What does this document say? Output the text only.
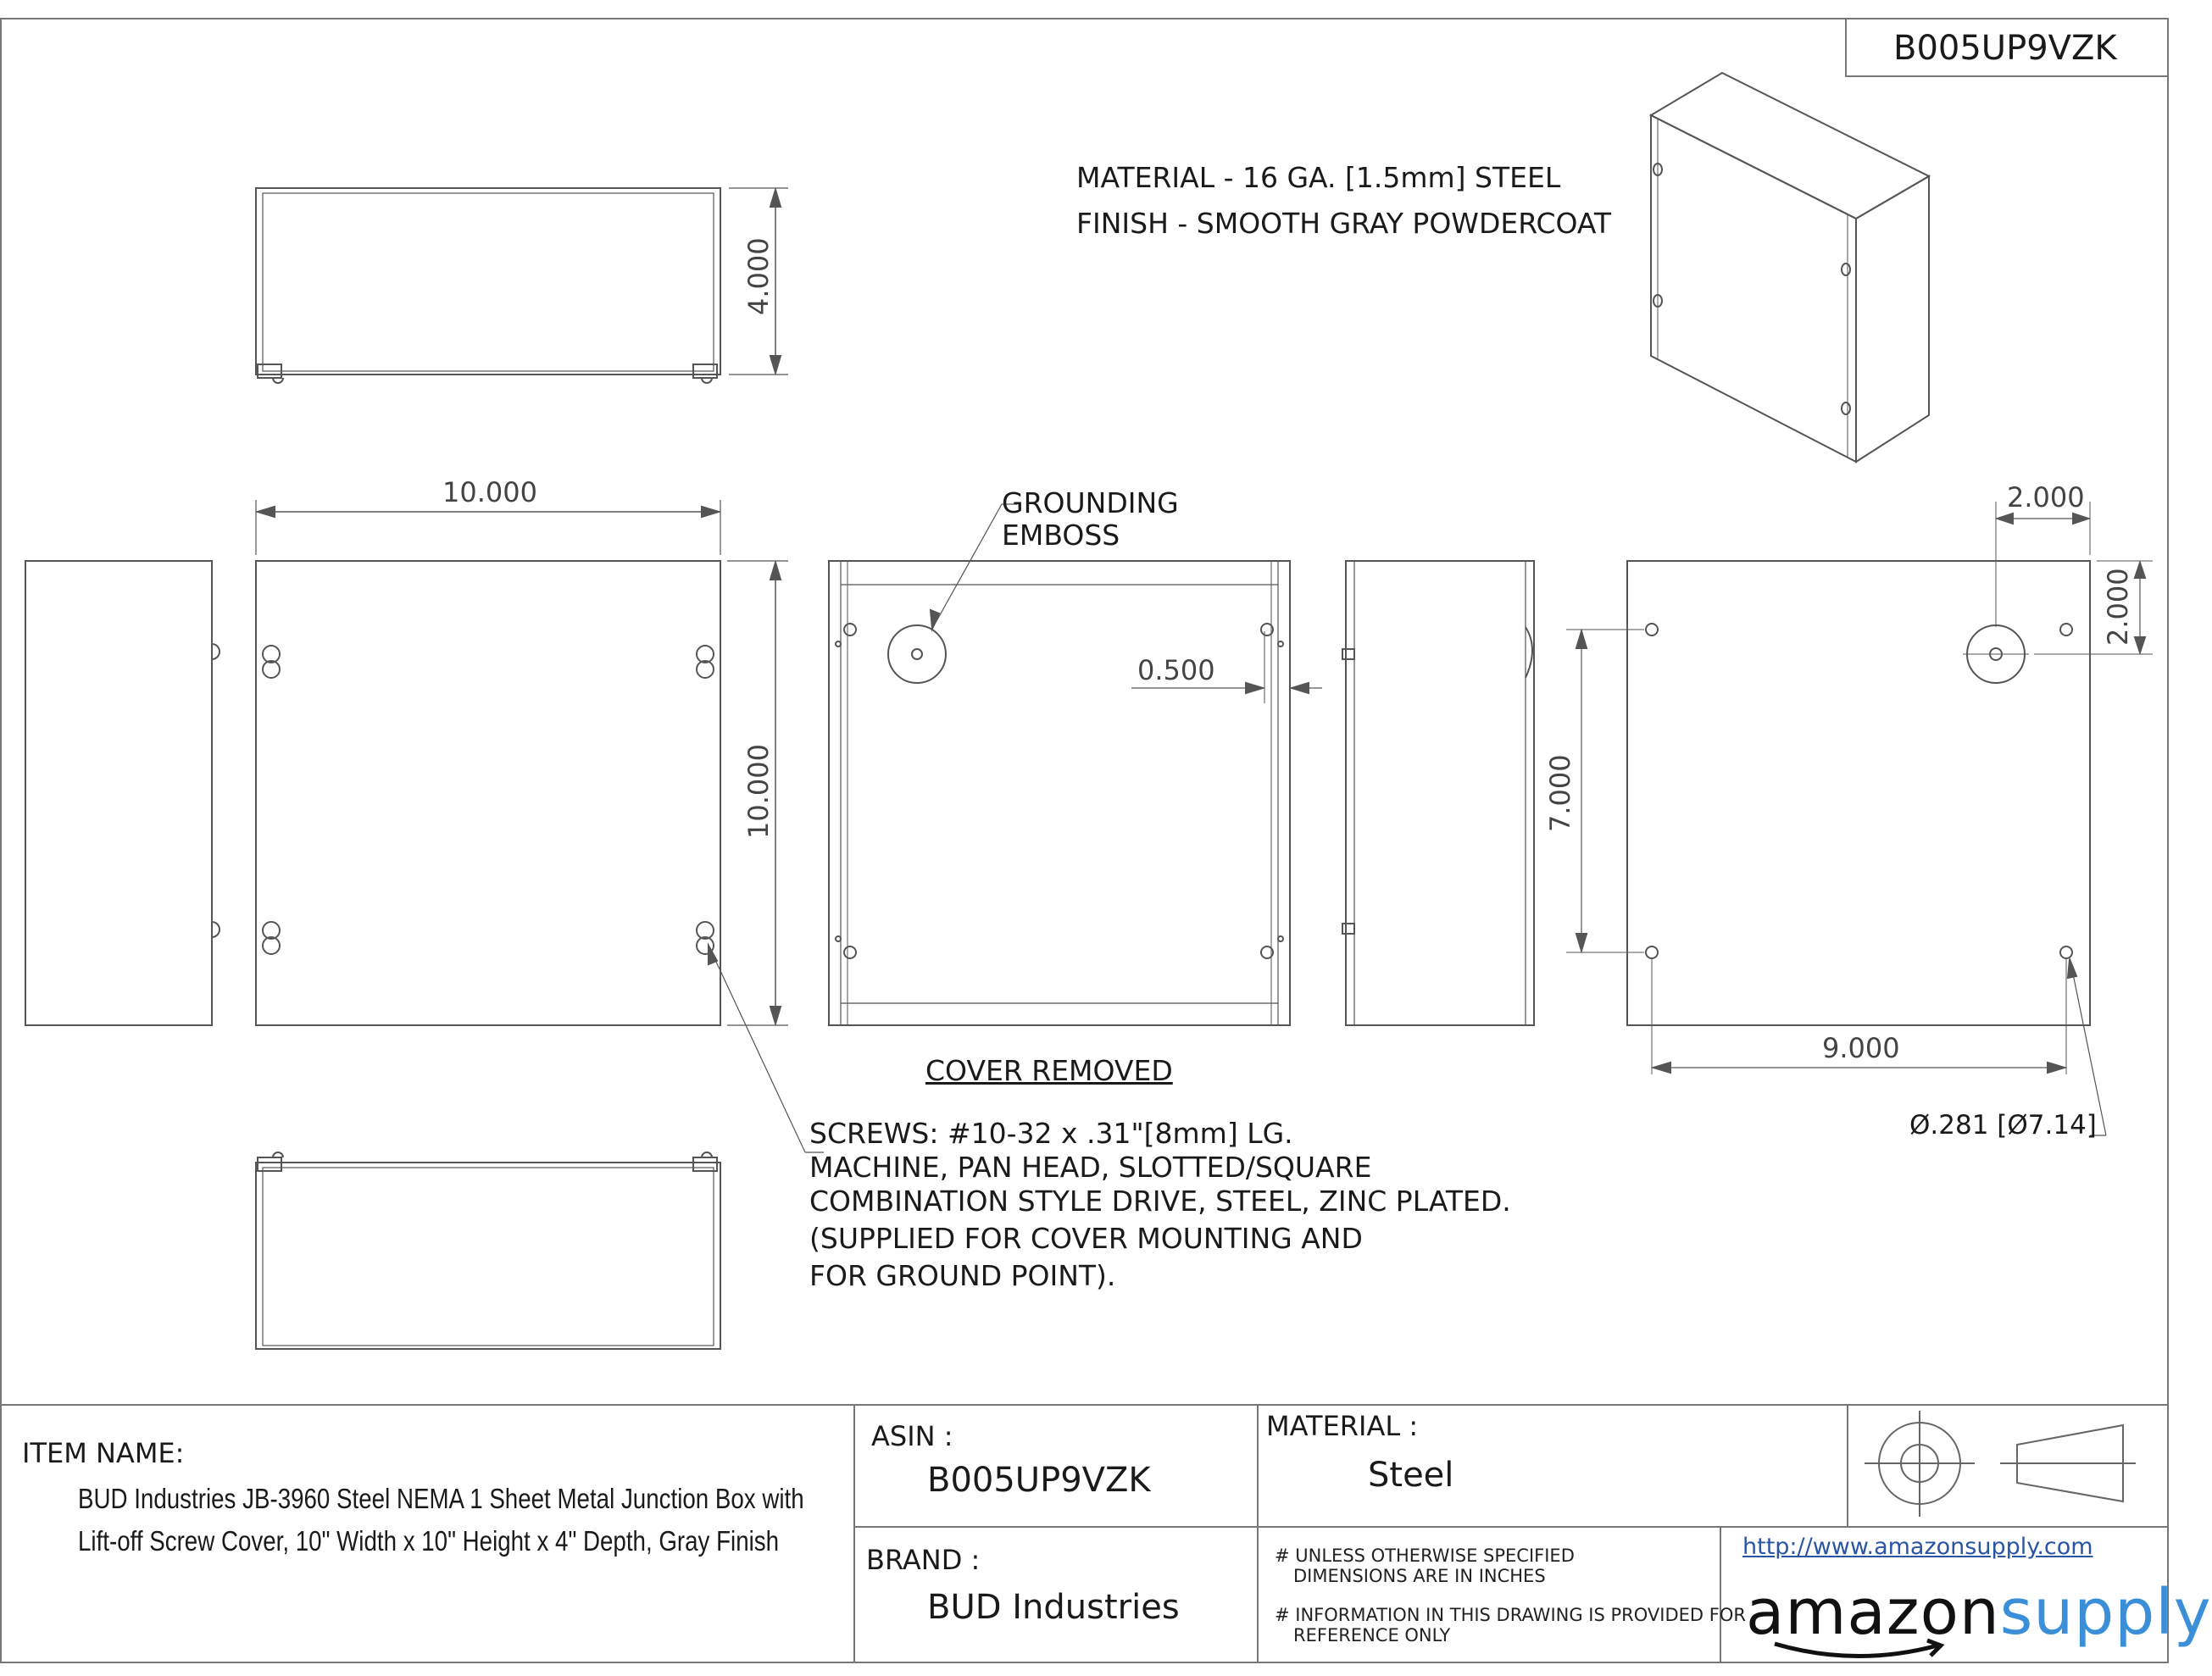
B005UP9VZK
MATERIAL - 16 GA. [1.5mm] STEEL
FINISH - SMOOTH GRAY POWDERCOAT
GROUNDING
EMBOSS
COVER REMOVED
SCREWS: #10-32 x .31"[8mm] LG.
MACHINE, PAN HEAD, SLOTTED/SQUARE
COMBINATION STYLE DRIVE, STEEL, ZINC PLATED.
(SUPPLIED FOR COVER MOUNTING AND
FOR GROUND POINT).
4.000
10.000
10.000
0.500
2.000
2.000
7.000
9.000
Ø.281 [Ø7.14]
ITEM NAME:
BUD Industries JB-3960 Steel NEMA 1 Sheet Metal Junction Box with
Lift-off Screw Cover, 10" Width x 10" Height x 4" Depth, Gray Finish
ASIN :
B005UP9VZK
MATERIAL :
Steel
BRAND :
BUD Industries
# UNLESS OTHERWISE SPECIFIED
DIMENSIONS ARE IN INCHES
# INFORMATION IN THIS DRAWING IS PROVIDED FOR
REFERENCE ONLY
http://www.amazonsupply.com
amazonsupply
